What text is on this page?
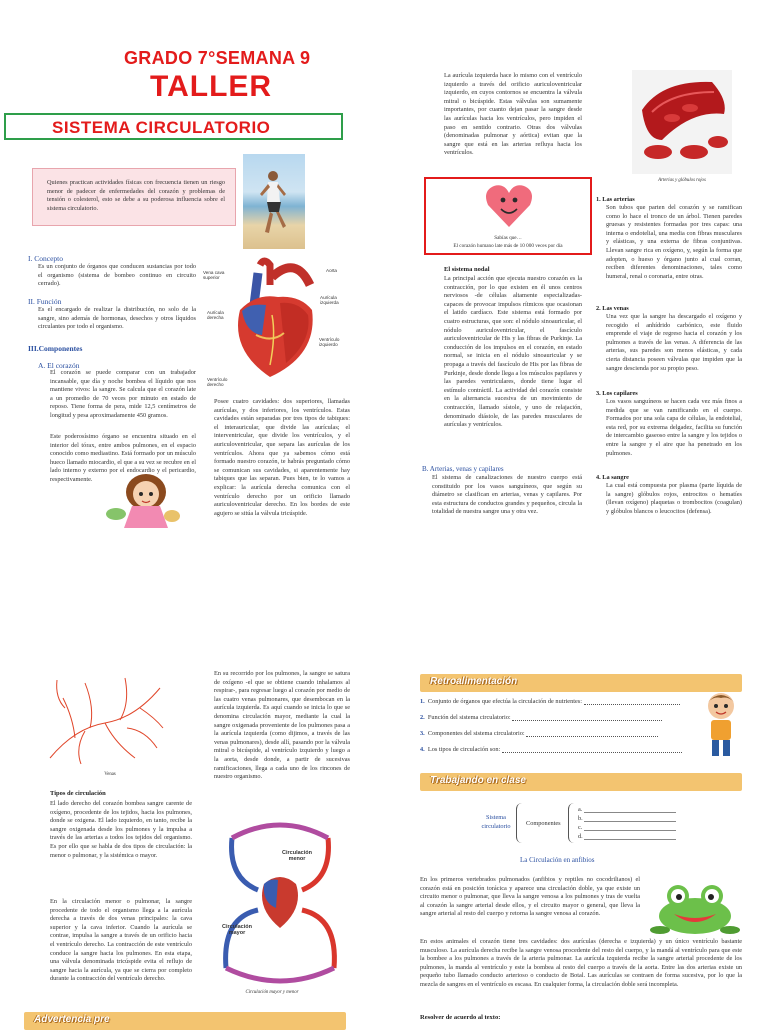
GRADO 7°SEMANA 9
TALLER
SISTEMA CIRCULATORIO
Quienes practican actividades físicas con frecuencia tienen un riesgo menor de padecer de enfermedades del corazón y problemas de tensión o colesterol, esto se debe a su poderosa influencia sobre el sistema circulatorio.
I. Concepto
Es un conjunto de órganos que conducen sustancias por todo el organismo (sistema de bombeo continuo en circuito cerrado).
II. Función
Es el encargado de realizar la distribución, no solo de la sangre, sino además de hormonas, desechos y otros líquidos circulantes por todo el organismo.
III.Componentes
A. El corazón
El corazón se puede comparar con un trabajador incansable, que día y noche bombea el líquido que nos mantiene vivos: la sangre. Se calcula que el corazón late a un promedio de 70 veces por minuto en estado de reposo. Tiene forma de pera, mide 12,5 centímetros de longitud y pesa aproximadamente 450 gramos.
Este poderosísimo órgano se encuentra situado en el interior del tórax, entre ambos pulmones, en el espacio conocido como mediastino. Está formado por un músculo hueco llamado miocardio, el que a su vez se recubre en el lado interno y externo por el endocardio y el pericardio, respectivamente.
Vena cava superior
Aorta
Aurícula izquierda
Aurícula derecha
Ventrículo izquierdo
Ventrículo derecho
Posee cuatro cavidades: dos superiores, llamadas aurículas, y dos inferiores, los ventrículos. Estas cavidades están separadas por tres tipos de tabiques: el interauricular, que divide las aurículas; el interventricular, que divide los ventrículos, y el auriculoventricular, que separa las aurículas de los ventrículos. Ahora que ya sabemos cómo está formado nuestro corazón, te habrás preguntado cómo se comunican sus cavidades, si aparentemente hay tabiques que las separan. Pues bien, te lo vamos a explicar: la aurícula derecha comunica con el ventrículo derecho por un orificio llamado auriculoventricular derecho. En los bordes de este agujero se sitúa la válvula tricúspide.
La aurícula izquierda hace lo mismo con el ventrículo izquierdo a través del orificio auriculoventricular izquierdo, en cuyos contornos se encuentra la válvula mitral o bicúspide. Estas válvulas son sumamente importantes, por cuanto dejan pasar la sangre desde las aurículas hacia los ventrículos, pero impiden el paso en sentido contrario. Otras dos válvulas (denominadas pulmonar y aórtica) evitan que la sangre que está en las arterias refluya hacia los ventrículos.
Sabías que…
El corazón humano late más de 10 000 veces por día
El sistema nodal
La principal acción que ejecuta nuestro corazón es la contracción, por lo que existen en él unos centros nerviosos -de células altamente especializadas- capaces de provocar impulsos rítmicos que ocasionan el latido cardíaco. Este sistema está formado por cuatro estructuras, que son: el nódulo sinoauricular, el nódulo auriculoventricular, el fascículo auriculoventricular de His y las fibras de Purkinje. La conducción de los impulsos en el corazón, en estado normal, se inicia en el nódulo sinoauricular y se propaga a través del fascículo de His por las fibras de Purkinje, desde donde llega a los músculos papilares y las paredes ventriculares, donde tiene lugar el estímulo contráctil. La actividad del corazón consiste en la alternancia sucesiva de un movimiento de contracción, llamado sístole, y uno de relajación, denominado diástole, de las paredes musculares de aurículas y ventrículos.
B. Arterias, venas y capilares
El sistema de canalizaciones de nuestro cuerpo está constituido por los vasos sanguíneos, que según su diámetro se clasifican en arterias, venas y capilares. Por esta estructura de conductos grandes y pequeños, circula la totalidad de nuestra sangre una y otra vez.
Arterias y glóbulos rojos
1. Las arterias
Son tubos que parten del corazón y se ramifican como lo hace el tronco de un árbol. Tienen paredes gruesas y resistentes formadas por tres capas: una interna o endotelial, una media con fibras musculares y elásticas, y una externa de fibras conjuntivas. Llevan sangre rica en oxígeno, y, según la forma que adopten, o hueso y órgano junto al cual corran, reciben diferentes denominaciones, tales como humeral, renal o coronaria, entre otras.
2. Las venas
Una vez que la sangre ha descargado el oxígeno y recogido el anhídrido carbónico, este fluido emprende el viaje de regreso hacia el corazón y los pulmones a través de las venas. A diferencia de las arterias, sus paredes son menos elásticas, y cada cierta distancia poseen válvulas que impiden que la sangre descienda por su propio peso.
3. Los capilares
Los vasos sanguíneos se hacen cada vez más finos a medida que se van ramificando en el cuerpo. Formados por una sola capa de células, la endotelial, esta red, por su extrema delgadez, facilita su función de intercambio gaseoso entre la sangre y los tejidos o entre la sangre y el aire que ha penetrado en los pulmones.
4. La sangre
La cual está compuesta por plasma (parte líquida de la sangre) glóbulos rojos, entrocitos o hematíes (llevan oxígeno) plaquetas o trombocitos (coagulan) y glóbulos blancos o leucocitos (defensa).
Venas
Tipos de circulación
El lado derecho del corazón bombea sangre carente de oxígeno, procedente de los tejidos, hacia los pulmones, donde se oxigena. El lado izquierdo, en tanto, recibe la sangre oxigenada desde los pulmones y la impulsa a través de las arterias a todos los tejidos del organismo. Es por ello que se habla de dos tipos de circulación: la menor o pulmonar, y la sistémica o mayor.
En la circulación menor o pulmonar, la sangre procedente de todo el organismo llega a la aurícula derecha a través de dos venas principales: la cava superior y la cava inferior. Cuando la aurícula se contrae, impulsa la sangre a través de un orificio hacia el ventrículo derecho. La contracción de este ventrículo conduce la sangre hacia los pulmones. En esta etapa, una válvula denominada tricúspide evita el reflujo de sangre hacia la aurícula, ya que se cierra por completo durante la contracción del ventrículo derecho.
Advertencia pre
En su recorrido por los pulmones, la sangre se satura de oxígeno -el que se obtiene cuando inhalamos al respirar-, para regresar luego al corazón por medio de las cuatro venas pulmonares, que desembocan en la aurícula izquierda. Es aquí cuando se inicia lo que se denomina circulación mayor, mediante la cual la sangre oxigenada proveniente de los pulmones pasa a la aurícula izquierda (como dijimos, a través de las venas pulmonares), desde allí, pasando por la válvula mitral o bicúspide, al ventrículo izquierdo y luego a la aorta, desde donde, a partir de sucesivas ramificaciones, llega a cada uno de los rincones de nuestro organismo.
Circulación menor
Circulación mayor
Circulación mayor y menor
Retroalimentación
1. Conjunto de órganos que efectúa la circulación de nutrientes:
2. Función del sistema circulatorio:
3. Componentes del sistema circulatorio:
4. Los tipos de circulación son:
Trabajando en clase
Sistema circulatorio	Componentes
a.
b.
c.
d.
La Circulación en anfibios
En los primeros vertebrados pulmonados (anfibios y reptiles no cocodrilianos) el corazón está en posición torácica y aparece una circulación doble, ya que existe un circuito menor o pulmonar, que lleva la sangre venosa a los pulmones y tras de vuelta al corazón la sangre arterial desde ellos, y el circuito mayor o general, que lleva la sangre arterial al resto del cuerpo y retorna la sangre venosa al corazón.
En estos animales el corazón tiene tres cavidades: dos aurículas (derecha e izquierda) y un único ventrículo bastante musculoso. La aurícula derecha recibe la sangre venosa procedente del resto del cuerpo, y la mandá al ventrículo para que este la bombee a los pulmones a través de la arteria pulmonar. La aurícula izquierda recibe la sangre arterial procedente de los pulmones, la manda al ventrículo y este la bombea al resto del cuerpo a través de la aorta. Entre las dos arterias existe un pequeño tubo llamado conducto arterioso o conducto de Botal. Las aurículas se contraen de forma sucesiva, por lo que la mezcla de sangres en el ventrículo es escasa. En cualquier forma, la circulación doble será incompleta.
Resolver de acuerdo al texto:
